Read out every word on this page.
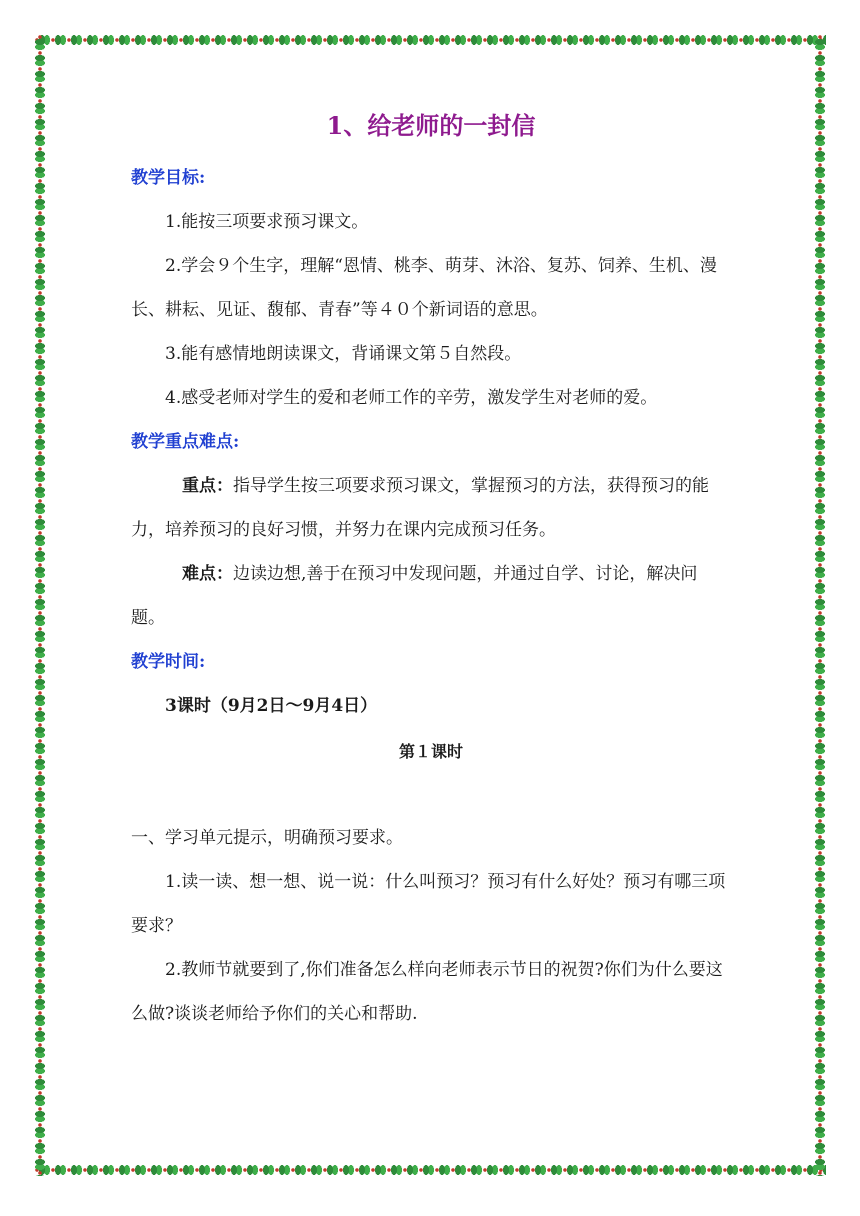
1、给老师的一封信

教学目标:

1.能按三项要求预习课文。

2.学会９个生字，理解“恩情、桃李、萌芽、沐浴、复苏、饲养、生机、漫长、耕耘、见证、馥郁、青春”等４０个新词语的意思。

3.能有感情地朗读课文，背诵课文第５自然段。

4.感受老师对学生的爱和老师工作的辛劳，激发学生对老师的爱。

教学重点难点:

重点：指导学生按三项要求预习课文，掌握预习的方法，获得预习的能力，培养预习的良好习惯，并努力在课内完成预习任务。

难点：边读边想,善于在预习中发现问题，并通过自学、讨论，解决问题。

教学时间:

3课时（9月2日～9月4日）

第１课时

一、学习单元提示，明确预习要求。

1.读一读、想一想、说一说：什么叫预习？预习有什么好处？预习有哪三项要求？

2.教师节就要到了,你们准备怎么样向老师表示节日的祝贺?你们为什么要这么做?谈谈老师给予你们的关心和帮助.
